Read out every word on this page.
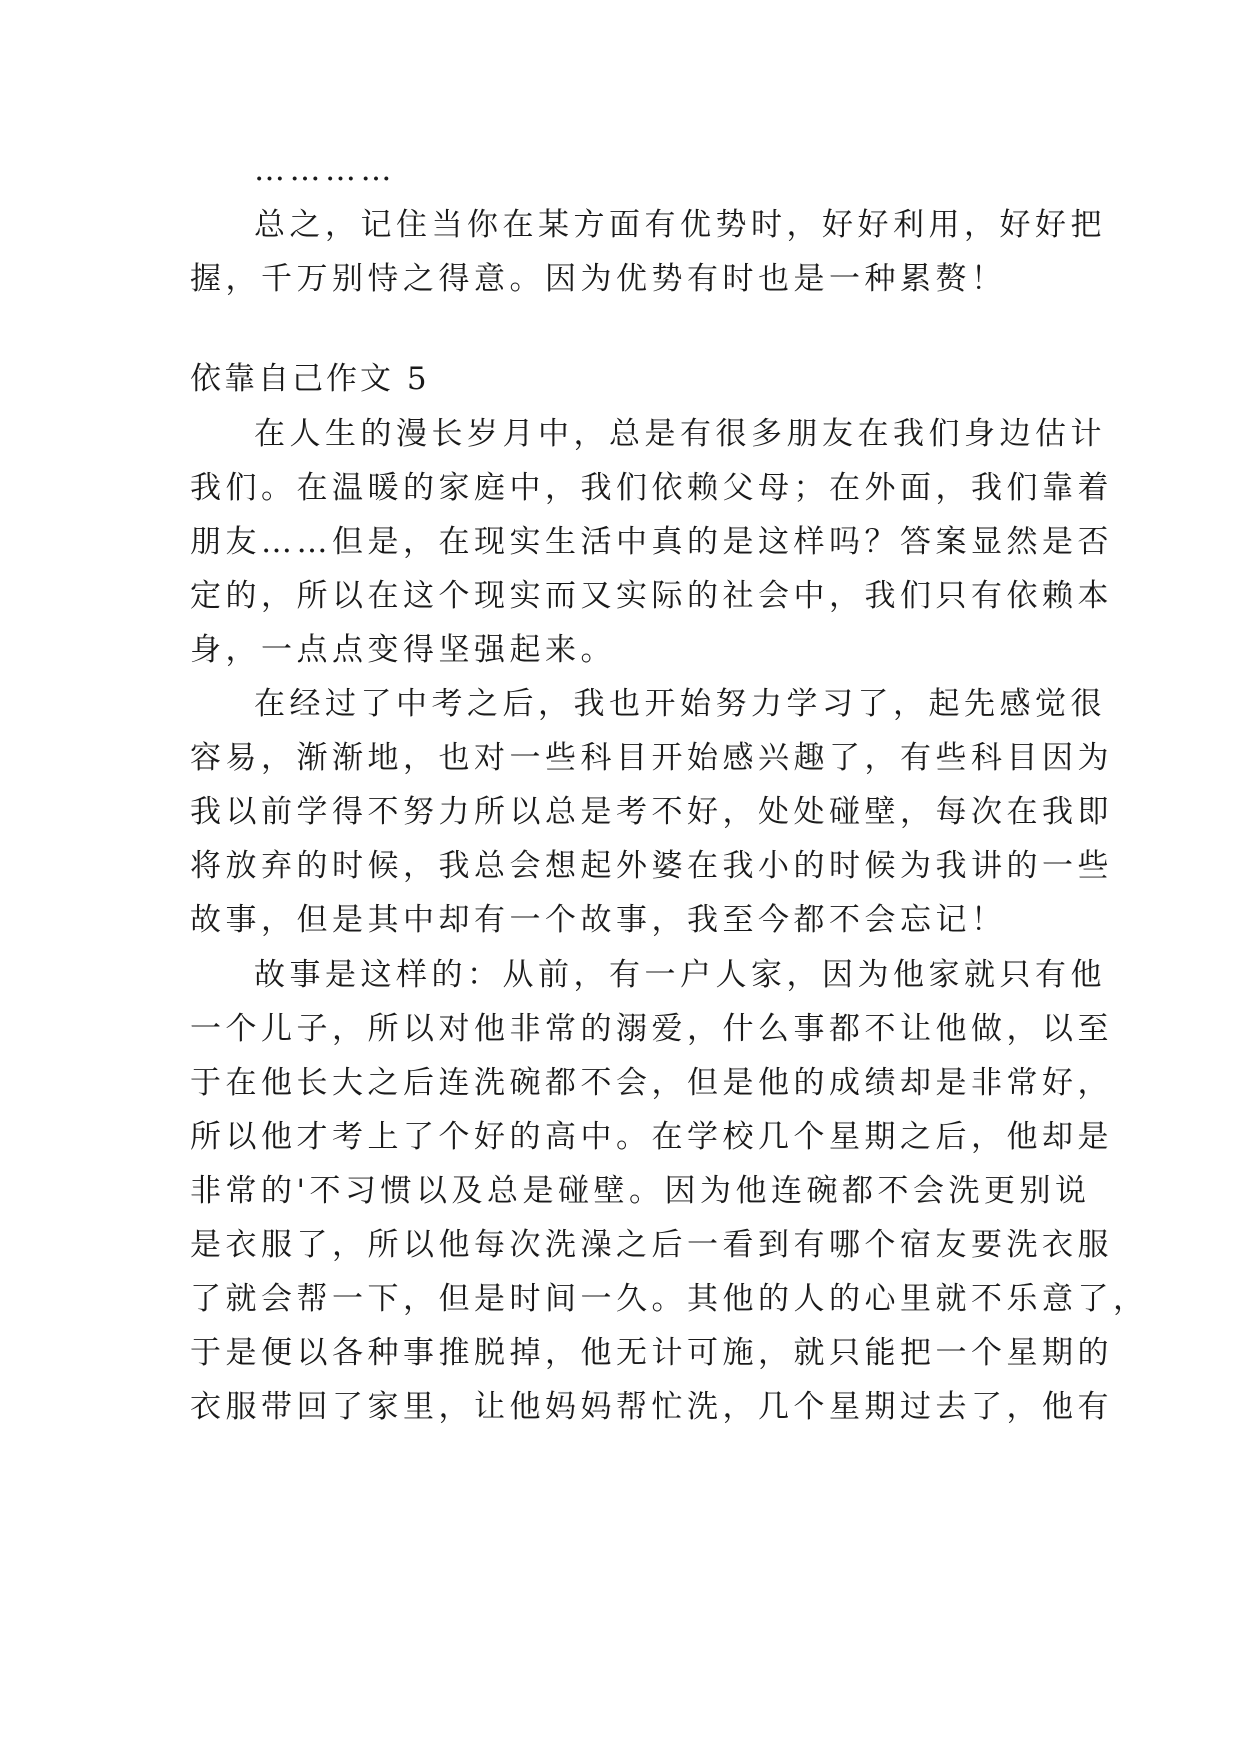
…………
总之，记住当你在某方面有优势时，好好利用，好好把
握，千万别恃之得意。因为优势有时也是一种累赘！
依靠自己作文 5
在人生的漫长岁月中，总是有很多朋友在我们身边估计
我们。在温暖的家庭中，我们依赖父母；在外面，我们靠着
朋友……但是，在现实生活中真的是这样吗？答案显然是否
定的，所以在这个现实而又实际的社会中，我们只有依赖本
身，一点点变得坚强起来。
在经过了中考之后，我也开始努力学习了，起先感觉很
容易，渐渐地，也对一些科目开始感兴趣了，有些科目因为
我以前学得不努力所以总是考不好，处处碰壁，每次在我即
将放弃的时候，我总会想起外婆在我小的时候为我讲的一些
故事，但是其中却有一个故事，我至今都不会忘记！
故事是这样的：从前，有一户人家，因为他家就只有他
一个儿子，所以对他非常的溺爱，什么事都不让他做，以至
于在他长大之后连洗碗都不会，但是他的成绩却是非常好，
所以他才考上了个好的高中。在学校几个星期之后，他却是
非常的'不习惯以及总是碰壁。因为他连碗都不会洗更别说
是衣服了，所以他每次洗澡之后一看到有哪个宿友要洗衣服
了就会帮一下，但是时间一久。其他的人的心里就不乐意了，
于是便以各种事推脱掉，他无计可施，就只能把一个星期的
衣服带回了家里，让他妈妈帮忙洗，几个星期过去了，他有
